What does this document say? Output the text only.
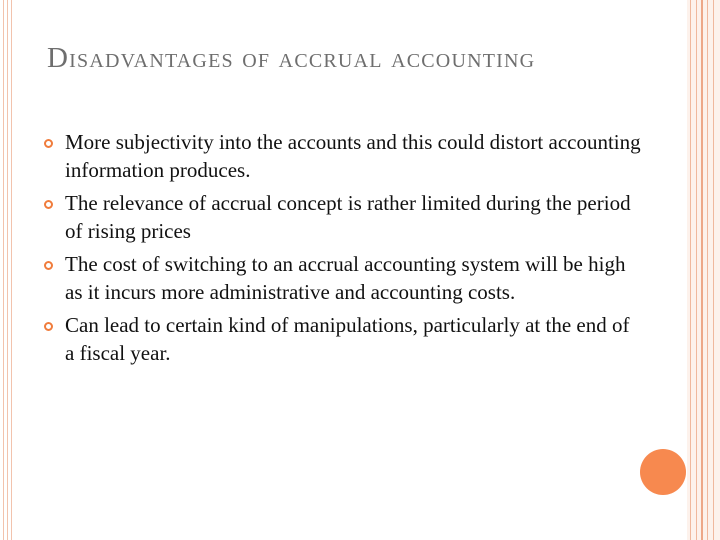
Disadvantages of accrual accounting
More subjectivity into the accounts and this could distort accounting information produces.
The relevance of accrual concept is rather limited during the period of rising prices
The cost of switching to an accrual accounting system will be high as it incurs more administrative and accounting costs.
Can lead to certain kind of manipulations, particularly at the end of a fiscal year.
